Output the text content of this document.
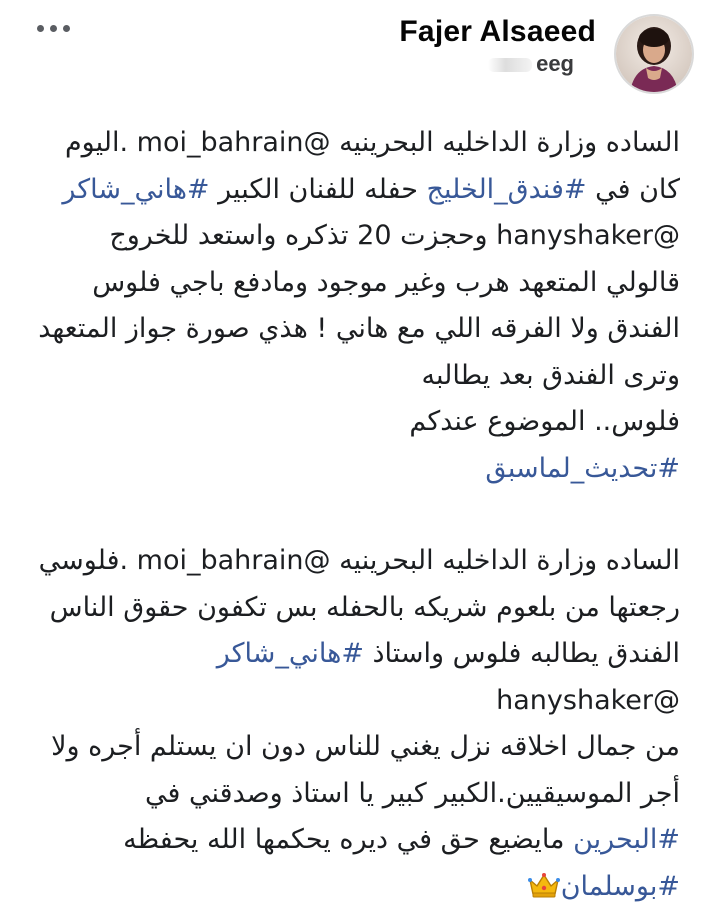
Fajer Alsaeed
eeg

الساده وزارة الداخليه البحرينيه @moi_bahrain .اليوم

كان في #فندق_الخليج حفله للفنان الكبير #هاني_شاكر

@hanyshaker وحجزت 20 تذكره واستعد للخروج

قالولي المتعهد هرب وغير موجود ومادفع باجي فلوس

الفندق ولا الفرقه اللي مع هاني ! هذي صورة جواز المتعهد

وترى الفندق بعد يطالبه

فلوس.. الموضوع عندكم

#تحديث_لماسبق

الساده وزارة الداخليه البحرينيه @moi_bahrain .فلوسي

رجعتها من بلعوم شريكه بالحفله بس تكفون حقوق الناس

الفندق يطالبه فلوس واستاذ #هاني_شاكر @hanyshaker

من جمال اخلاقه نزل يغني للناس دون ان يستلم أجره ولا

أجر الموسيقيين.الكبير كبير يا استاذ وصدقني في

#البحرين مايضيع حق في ديره يحكمها الله يحفظه

#بوسلمان
